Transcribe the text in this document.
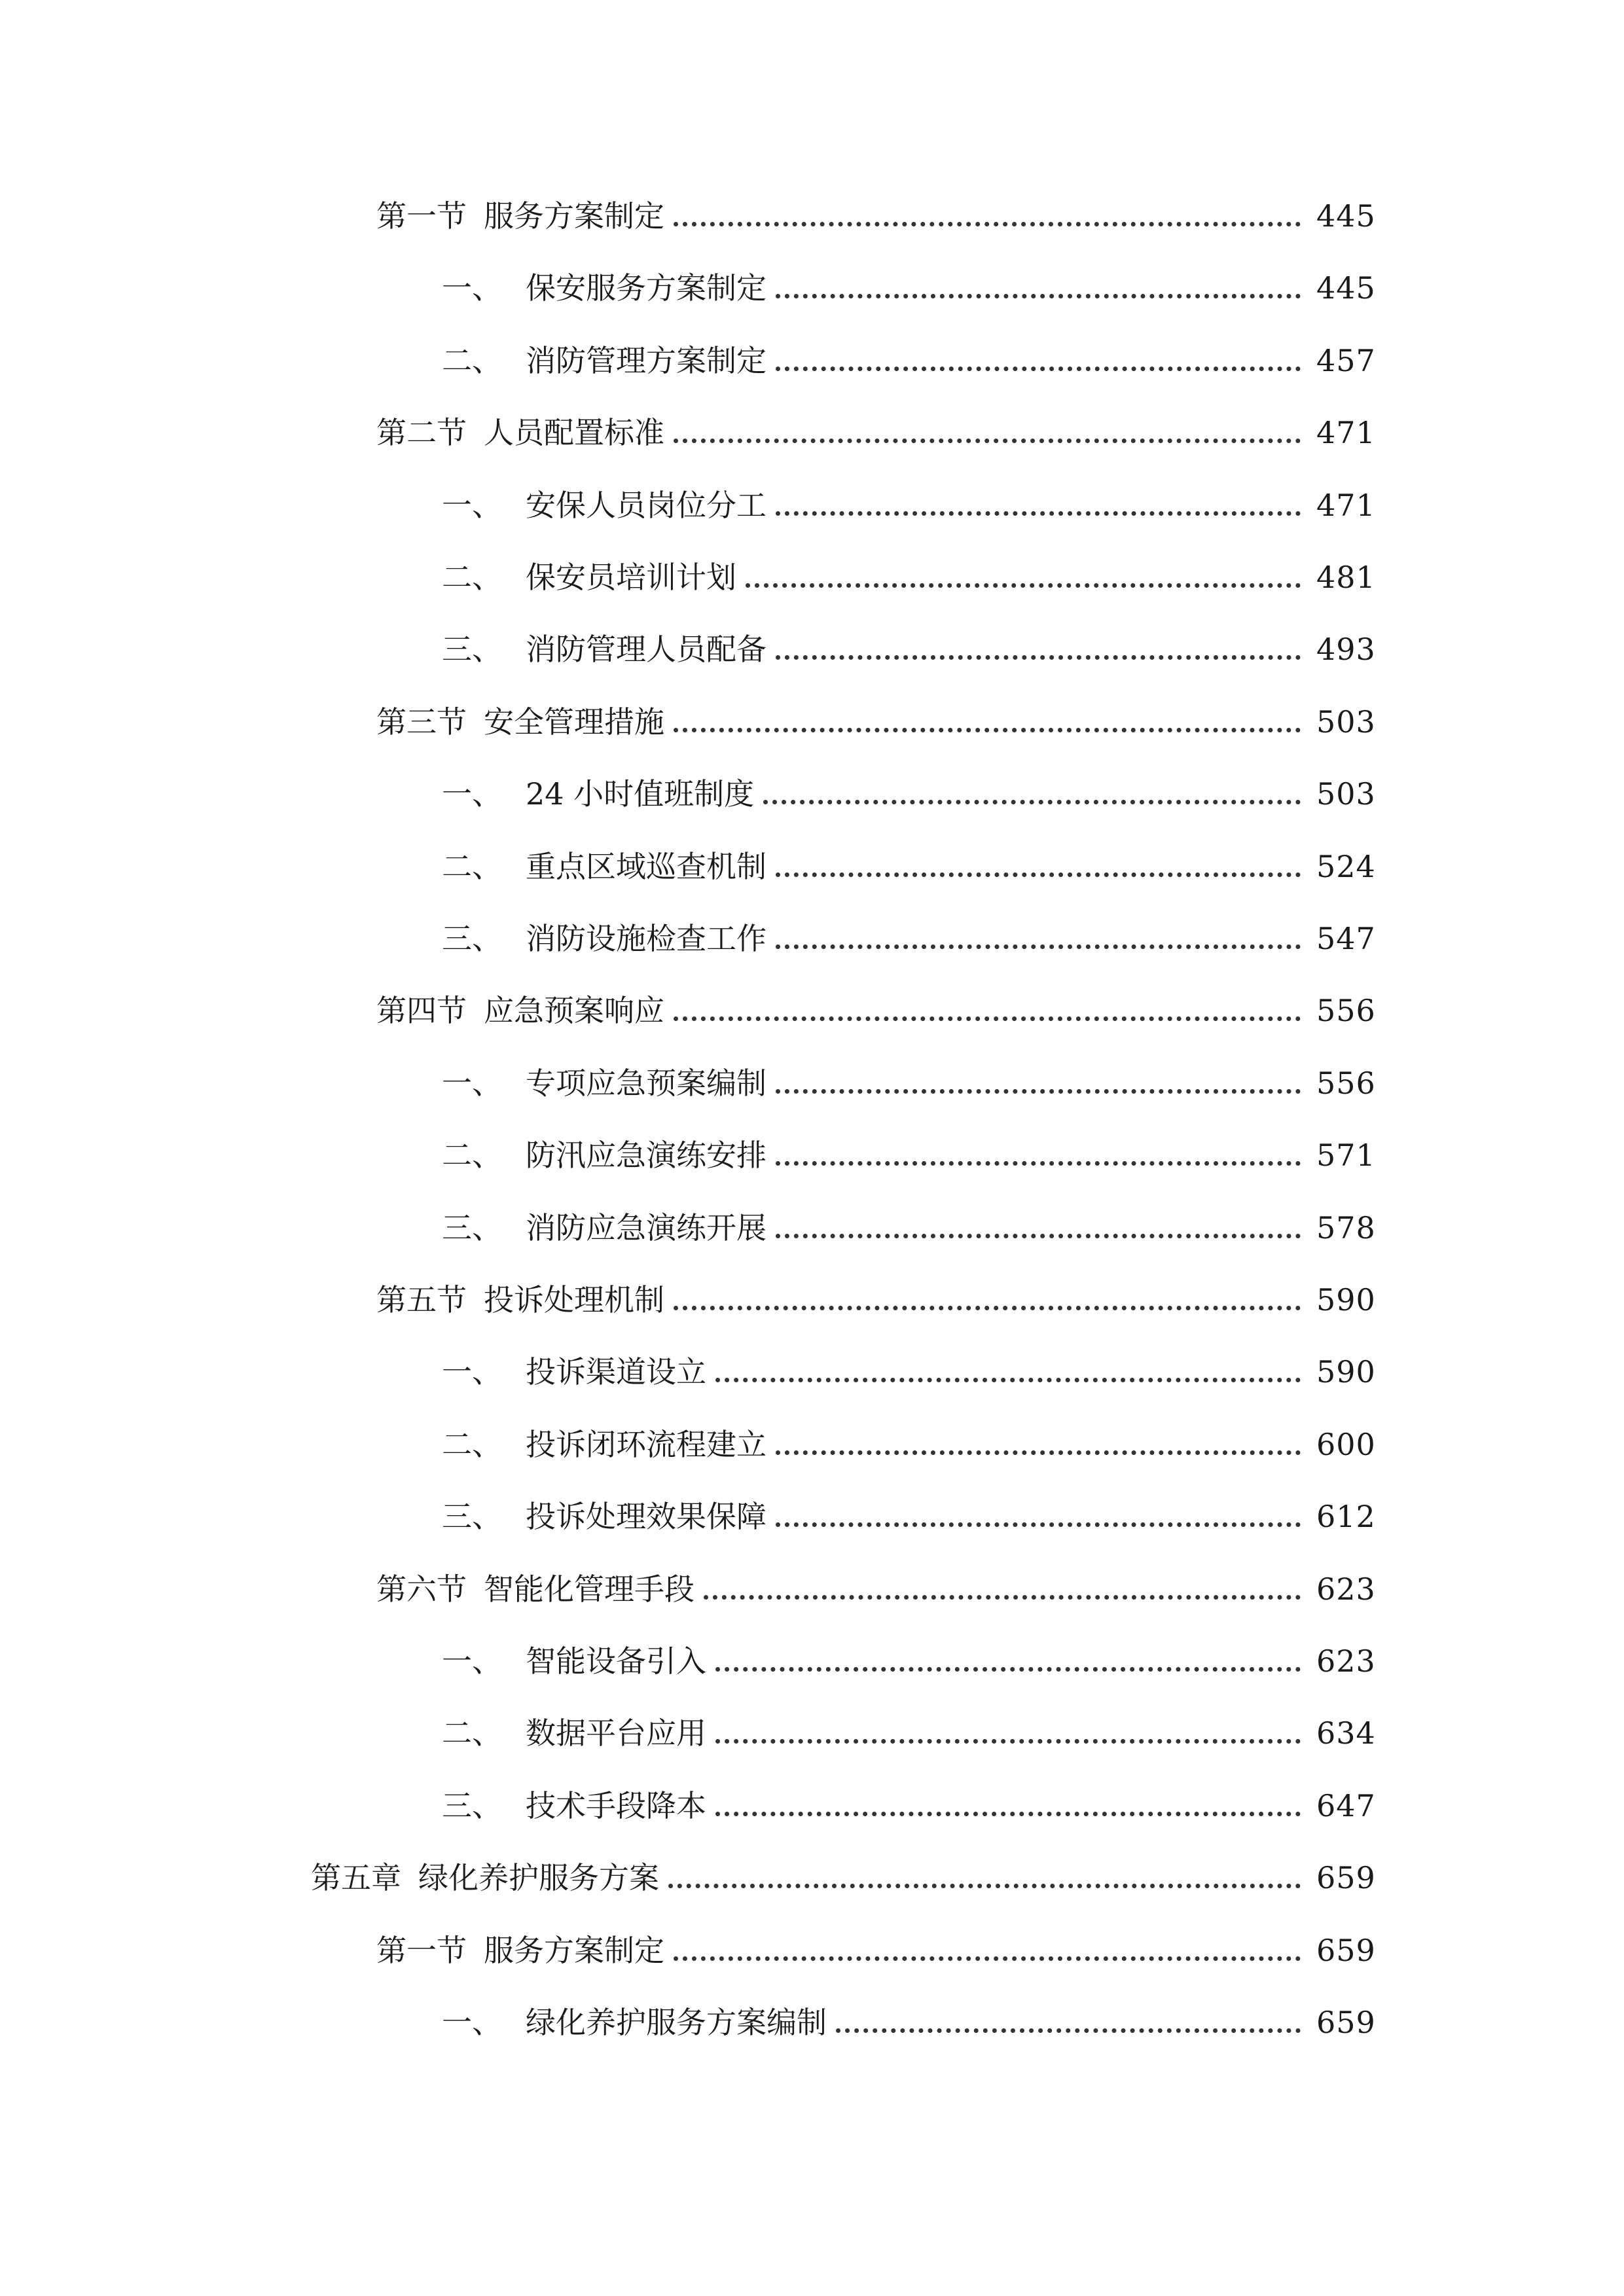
第一节 服务方案制定	445
一、 保安服务方案制定	445
二、 消防管理方案制定	457
第二节 人员配置标准	471
一、 安保人员岗位分工	471
二、 保安员培训计划	481
三、 消防管理人员配备	493
第三节 安全管理措施	503
一、 24 小时值班制度	503
二、 重点区域巡查机制	524
三、 消防设施检查工作	547
第四节 应急预案响应	556
一、 专项应急预案编制	556
二、 防汛应急演练安排	571
三、 消防应急演练开展	578
第五节 投诉处理机制	590
一、 投诉渠道设立	590
二、 投诉闭环流程建立	600
三、 投诉处理效果保障	612
第六节 智能化管理手段	623
一、 智能设备引入	623
二、 数据平台应用	634
三、 技术手段降本	647
第五章 绿化养护服务方案	659
第一节 服务方案制定	659
一、 绿化养护服务方案编制	659
